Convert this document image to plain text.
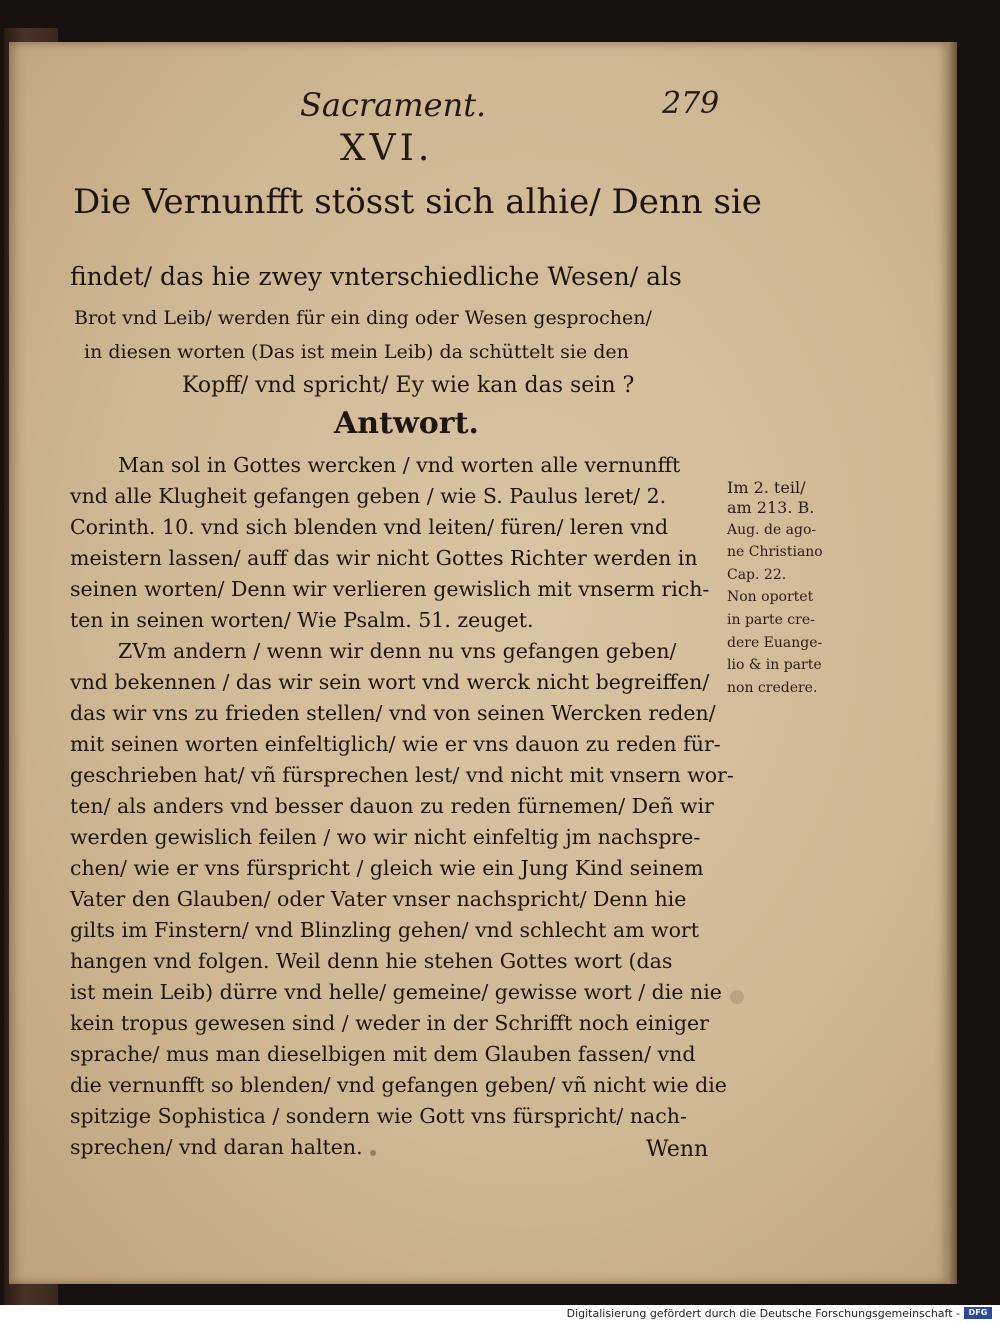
Sacrament.	279
XVI.
Die Vernunfft stösst sich alhie/ Denn sie
findet/ das hie zwey vnterschiedliche Wesen/ als
Brot vnd Leib/ werden für ein ding oder Wesen gesprochen/
in diesen worten (Das ist mein Leib) da schüttelt sie den
Kopff/ vnd spricht/ Ey wie kan das sein ?
Antwort.
Man sol in Gottes wercken / vnd worten alle vernunfft
vnd alle Klugheit gefangen geben / wie S. Paulus leret/ 2.
Corinth. 10. vnd sich blenden vnd leiten/ füren/ leren vnd
meistern lassen/ auff das wir nicht Gottes Richter werden in
seinen worten/ Denn wir verlieren gewislich mit vnserm rich-
ten in seinen worten/ Wie Psalm. 51. zeuget.
ZVm andern / wenn wir denn nu vns gefangen geben/
vnd bekennen / das wir sein wort vnd werck nicht begreiffen/
das wir vns zu frieden stellen/ vnd von seinen Wercken reden/
mit seinen worten einfeltiglich/ wie er vns dauon zu reden für-
geschrieben hat/ vñ fürsprechen lest/ vnd nicht mit vnsern wor-
ten/ als anders vnd besser dauon zu reden fürnemen/ Deñ wir
werden gewislich feilen / wo wir nicht einfeltig jm nachspre-
chen/ wie er vns fürspricht / gleich wie ein Jung Kind seinem
Vater den Glauben/ oder Vater vnser nachspricht/ Denn hie
gilts im Finstern/ vnd Blinzling gehen/ vnd schlecht am wort
hangen vnd folgen. Weil denn hie stehen Gottes wort (das
ist mein Leib) dürre vnd helle/ gemeine/ gewisse wort / die nie
kein tropus gewesen sind / weder in der Schrifft noch einiger
sprache/ mus man dieselbigen mit dem Glauben fassen/ vnd
die vernunfft so blenden/ vnd gefangen geben/ vñ nicht wie die
spitzige Sophistica / sondern wie Gott vns fürspricht/ nach-
sprechen/ vnd daran halten.	Wenn
Im 2. teil/
am 213. B.
Aug. de ago-
ne Christiano
Cap. 22.
Non oportet
in parte cre-
dere Euange-
lio & in parte
non credere.
Digitalisierung gefördert durch die Deutsche Forschungsgemeinschaft -	DFG
